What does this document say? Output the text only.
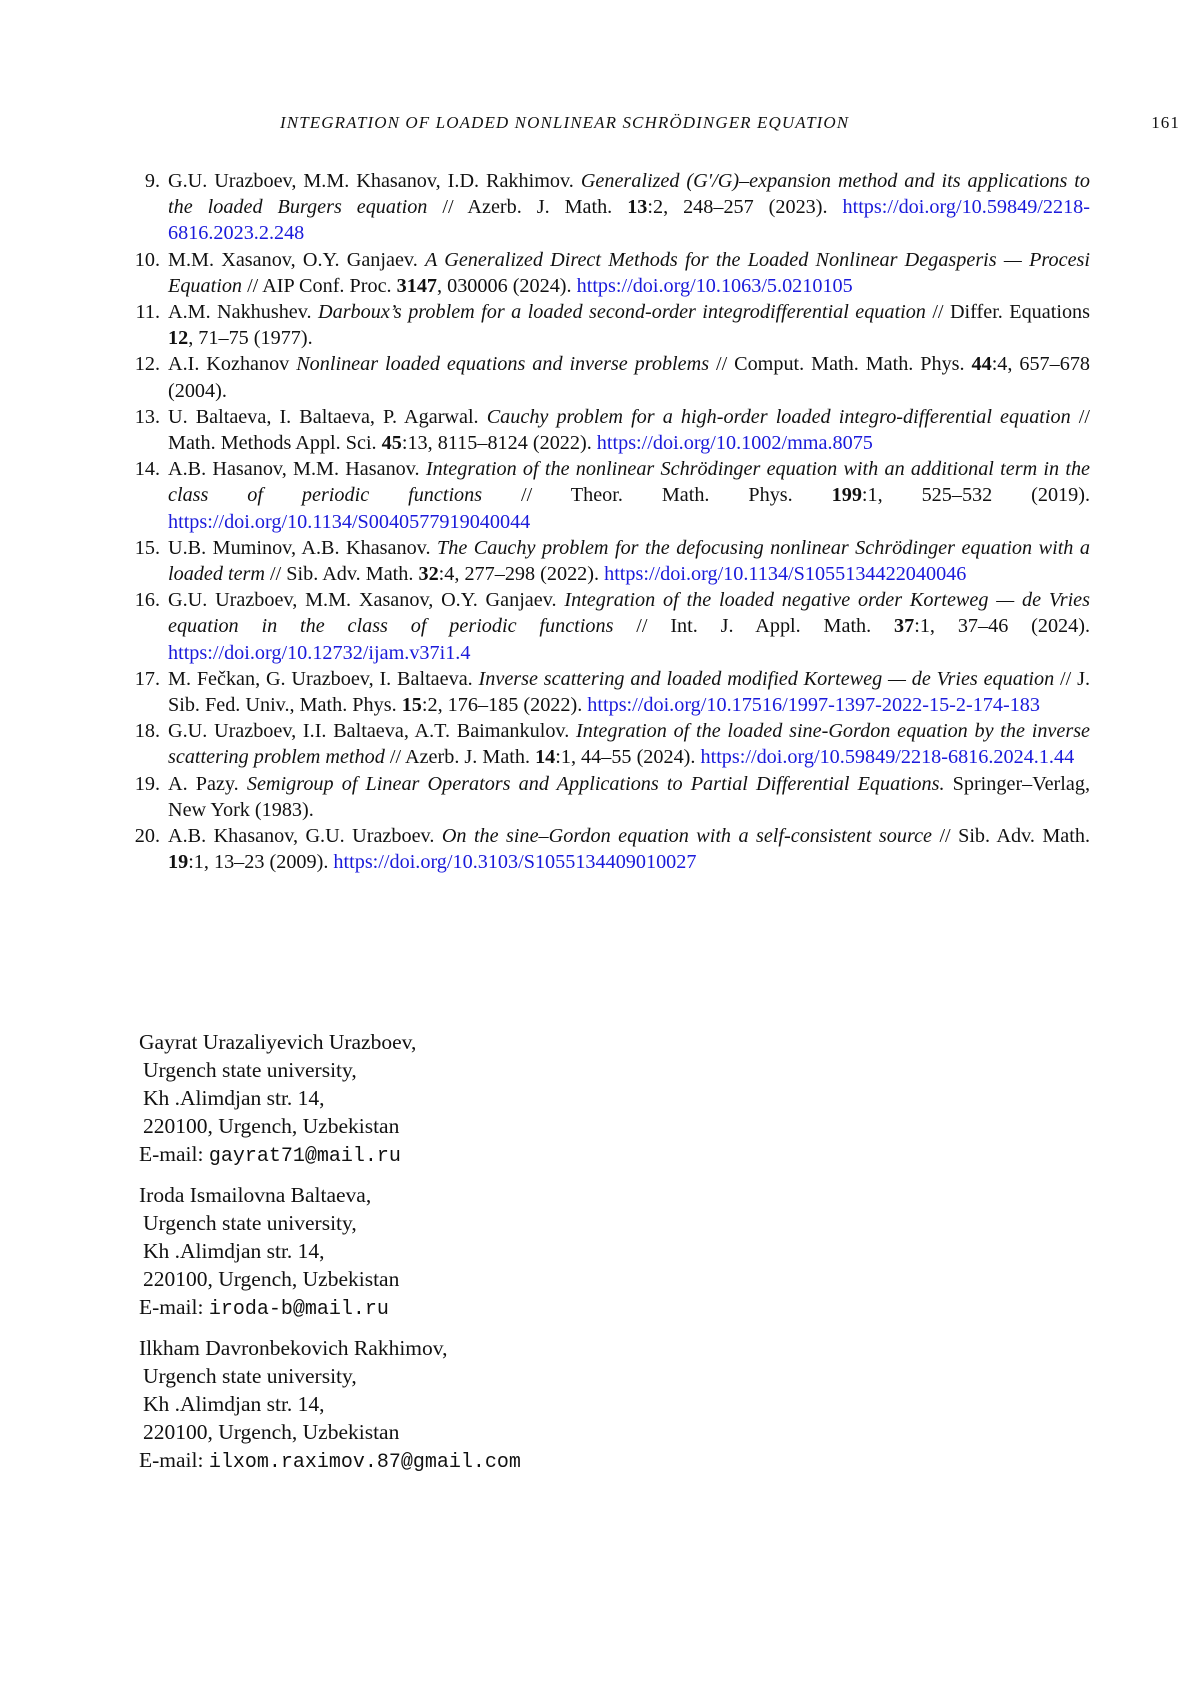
INTEGRATION OF LOADED NONLINEAR SCHRÖDINGER EQUATION	161
9. G.U. Urazboev, M.M. Khasanov, I.D. Rakhimov. Generalized (G′/G)–expansion method and its applications to the loaded Burgers equation // Azerb. J. Math. 13:2, 248–257 (2023). https://doi.org/10.59849/2218-6816.2023.2.248
10. M.M. Xasanov, O.Y. Ganjaev. A Generalized Direct Methods for the Loaded Nonlinear Degasperis — Procesi Equation // AIP Conf. Proc. 3147, 030006 (2024). https://doi.org/10.1063/5.0210105
11. A.M. Nakhushev. Darboux’s problem for a loaded second-order integrodifferential equation // Differ. Equations 12, 71–75 (1977).
12. A.I. Kozhanov Nonlinear loaded equations and inverse problems // Comput. Math. Math. Phys. 44:4, 657–678 (2004).
13. U. Baltaeva, I. Baltaeva, P. Agarwal. Cauchy problem for a high-order loaded integro-differential equation // Math. Methods Appl. Sci. 45:13, 8115–8124 (2022). https://doi.org/10.1002/mma.8075
14. A.B. Hasanov, M.M. Hasanov. Integration of the nonlinear Schrödinger equation with an additional term in the class of periodic functions // Theor. Math. Phys. 199:1, 525–532 (2019). https://doi.org/10.1134/S0040577919040044
15. U.B. Muminov, A.B. Khasanov. The Cauchy problem for the defocusing nonlinear Schrödinger equation with a loaded term // Sib. Adv. Math. 32:4, 277–298 (2022). https://doi.org/10.1134/S1055134422040046
16. G.U. Urazboev, M.M. Xasanov, O.Y. Ganjaev. Integration of the loaded negative order Korteweg — de Vries equation in the class of periodic functions // Int. J. Appl. Math. 37:1, 37–46 (2024). https://doi.org/10.12732/ijam.v37i1.4
17. M. Fečkan, G. Urazboev, I. Baltaeva. Inverse scattering and loaded modified Korteweg — de Vries equation // J. Sib. Fed. Univ., Math. Phys. 15:2, 176–185 (2022). https://doi.org/10.17516/1997-1397-2022-15-2-174-183
18. G.U. Urazboev, I.I. Baltaeva, A.T. Baimankulov. Integration of the loaded sine-Gordon equation by the inverse scattering problem method // Azerb. J. Math. 14:1, 44–55 (2024). https://doi.org/10.59849/2218-6816.2024.1.44
19. A. Pazy. Semigroup of Linear Operators and Applications to Partial Differential Equations. Springer–Verlag, New York (1983).
20. A.B. Khasanov, G.U. Urazboev. On the sine–Gordon equation with a self-consistent source // Sib. Adv. Math. 19:1, 13–23 (2009). https://doi.org/10.3103/S1055134409010027
Gayrat Urazaliyevich Urazboev,
Urgench state university,
Kh .Alimdjan str. 14,
220100, Urgench, Uzbekistan
E-mail: gayrat71@mail.ru
Iroda Ismailovna Baltaeva,
Urgench state university,
Kh .Alimdjan str. 14,
220100, Urgench, Uzbekistan
E-mail: iroda-b@mail.ru
Ilkham Davronbekovich Rakhimov,
Urgench state university,
Kh .Alimdjan str. 14,
220100, Urgench, Uzbekistan
E-mail: ilxom.raximov.87@gmail.com
